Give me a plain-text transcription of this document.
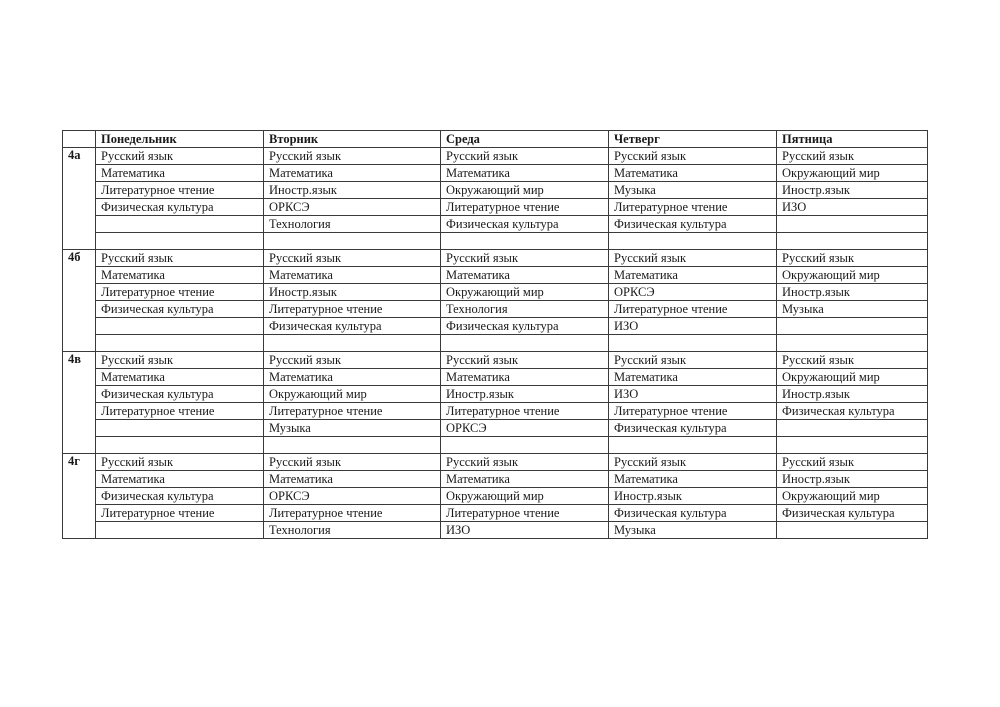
	Понедельник	Вторник	Среда	Четверг	Пятница
4а	Русский язык	Русский язык	Русский язык	Русский язык	Русский язык
	Математика	Математика	Математика	Математика	Окружающий мир
	Литературное чтение	Иностр.язык	Окружающий мир	Музыка	Иностр.язык
	Физическая культура	ОРКСЭ	Литературное чтение	Литературное чтение	ИЗО
		Технология	Физическая культура	Физическая культура	

4б	Русский язык	Русский язык	Русский язык	Русский язык	Русский язык
	Математика	Математика	Математика	Математика	Окружающий мир
	Литературное чтение	Иностр.язык	Окружающий мир	ОРКСЭ	Иностр.язык
	Физическая культура	Литературное чтение	Технология	Литературное чтение	Музыка
		Физическая культура	Физическая культура	ИЗО	

4в	Русский язык	Русский язык	Русский язык	Русский язык	Русский язык
	Математика	Математика	Математика	Математика	Окружающий мир
	Физическая культура	Окружающий мир	Иностр.язык	ИЗО	Иностр.язык
	Литературное чтение	Литературное чтение	Литературное чтение	Литературное чтение	Физическая культура
		Музыка	ОРКСЭ	Физическая культура	

4г	Русский язык	Русский язык	Русский язык	Русский язык	Русский язык
	Математика	Математика	Математика	Математика	Иностр.язык
	Физическая культура	ОРКСЭ	Окружающий мир	Иностр.язык	Окружающий мир
	Литературное чтение	Литературное чтение	Литературное чтение	Физическая культура	Физическая культура
		Технология	ИЗО	Музыка	
